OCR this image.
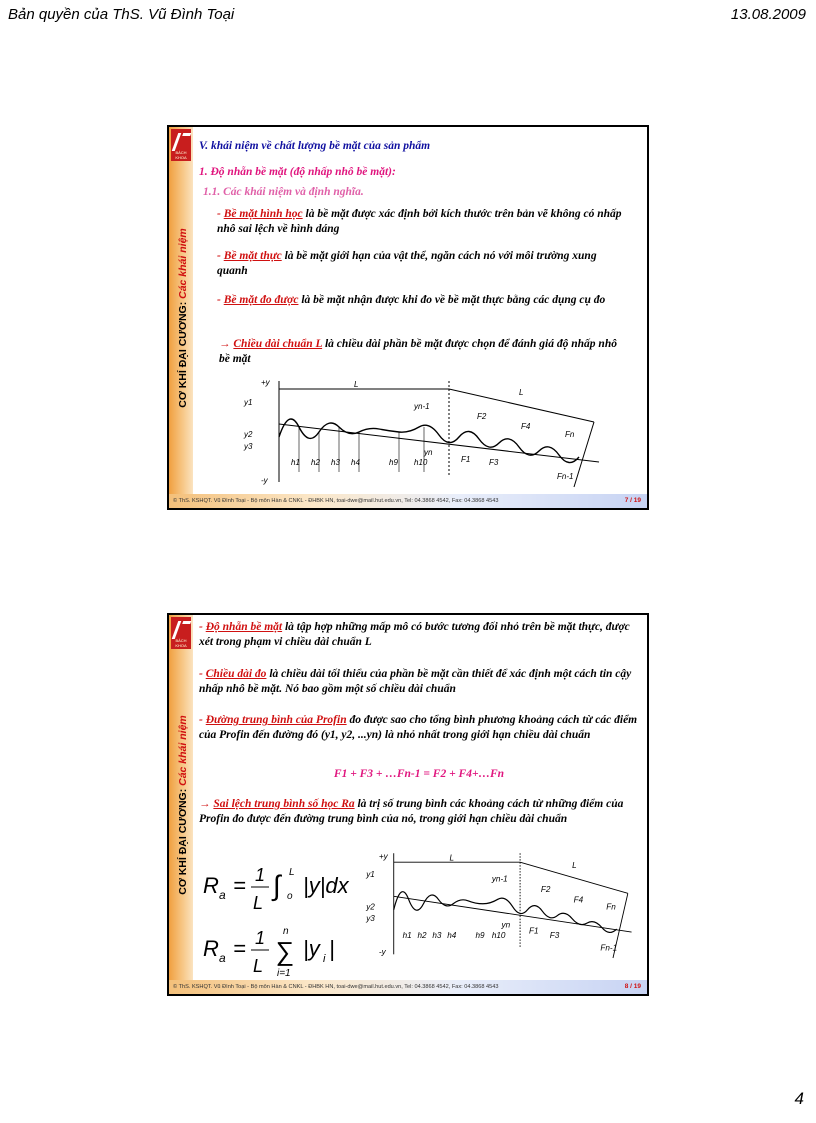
Bản quyền của ThS. Vũ Đình Toại	13.08.2009
BÁCH KHOA
CƠ KHÍ ĐẠI CƯƠNG: Các khái niệm
V. khái niệm về chất lượng bề mặt của sản phẩm
1. Độ nhẵn bề mặt (độ nhấp nhô bề mặt):
1.1. Các khái niệm và định nghĩa.
- Bề mặt hình học là bề mặt được xác định bởi kích thước trên bản vẽ không có nhấp nhô sai lệch về hình dáng
- Bề mặt thực là bề mặt giới hạn của vật thể, ngăn cách nó với môi trường xung quanh
- Bề mặt đo được là bề mặt nhận được khi đo về bề mặt thực bằng các dụng cụ đo
→ Chiều dài chuẩn L là chiều dài phần bề mặt được chọn để đánh giá độ nhấp nhô bề mặt
+y
-y
L
L
y1
y2
y3
yn-1
yn
h1 h2 h3 h4	h9 h10	F1
F2
F3
F4
Fn
Fn-1
© ThS. KSHQT. Vũ Đình Toại - Bộ môn Hàn & CNKL - ĐHBK HN, toai-dwe@mail.hut.edu.vn, Tel: 04.3868 4542, Fax: 04.3868 4543	7 / 19
BÁCH KHOA
CƠ KHÍ ĐẠI CƯƠNG: Các khái niệm
- Độ nhẵn bề mặt là tập hợp những mấp mô có bước tương đối nhỏ trên bề mặt thực, được xét trong phạm vi chiều dài chuẩn L
- Chiều dài đo là chiều dài tối thiểu của phần bề mặt cần thiết để xác định một cách tin cậy nhấp nhô bề mặt. Nó bao gồm một số chiều dài chuẩn
- Đường trung bình của Profin đo được sao cho tổng bình phương khoảng cách từ các điểm của Profin đến đường đó (y1, y2, ...yn) là nhỏ nhất trong giới hạn chiều dài chuẩn
F1 + F3 + …Fn-1 = F2 + F4+…Fn
→ Sai lệch trung bình số học Ra là trị số trung bình các khoảng cách từ những điểm của Profin đo được đến đường trung bình của nó, trong giới hạn chiều dài chuẩn
R a = 1
L
∫ o
L
|y|dx
R a = 1
L ∑
n
i=1
|y i |
+y
-y
L
L
y1
y2
y3
yn-1
yn
h1 h2 h3 h4 h9 h10 F1
F2
F3
F4
Fn
Fn-1
© ThS. KSHQT. Vũ Đình Toại - Bộ môn Hàn & CNKL - ĐHBK HN, toai-dwe@mail.hut.edu.vn, Tel: 04.3868 4542, Fax: 04.3868 4543	8 / 19
4
